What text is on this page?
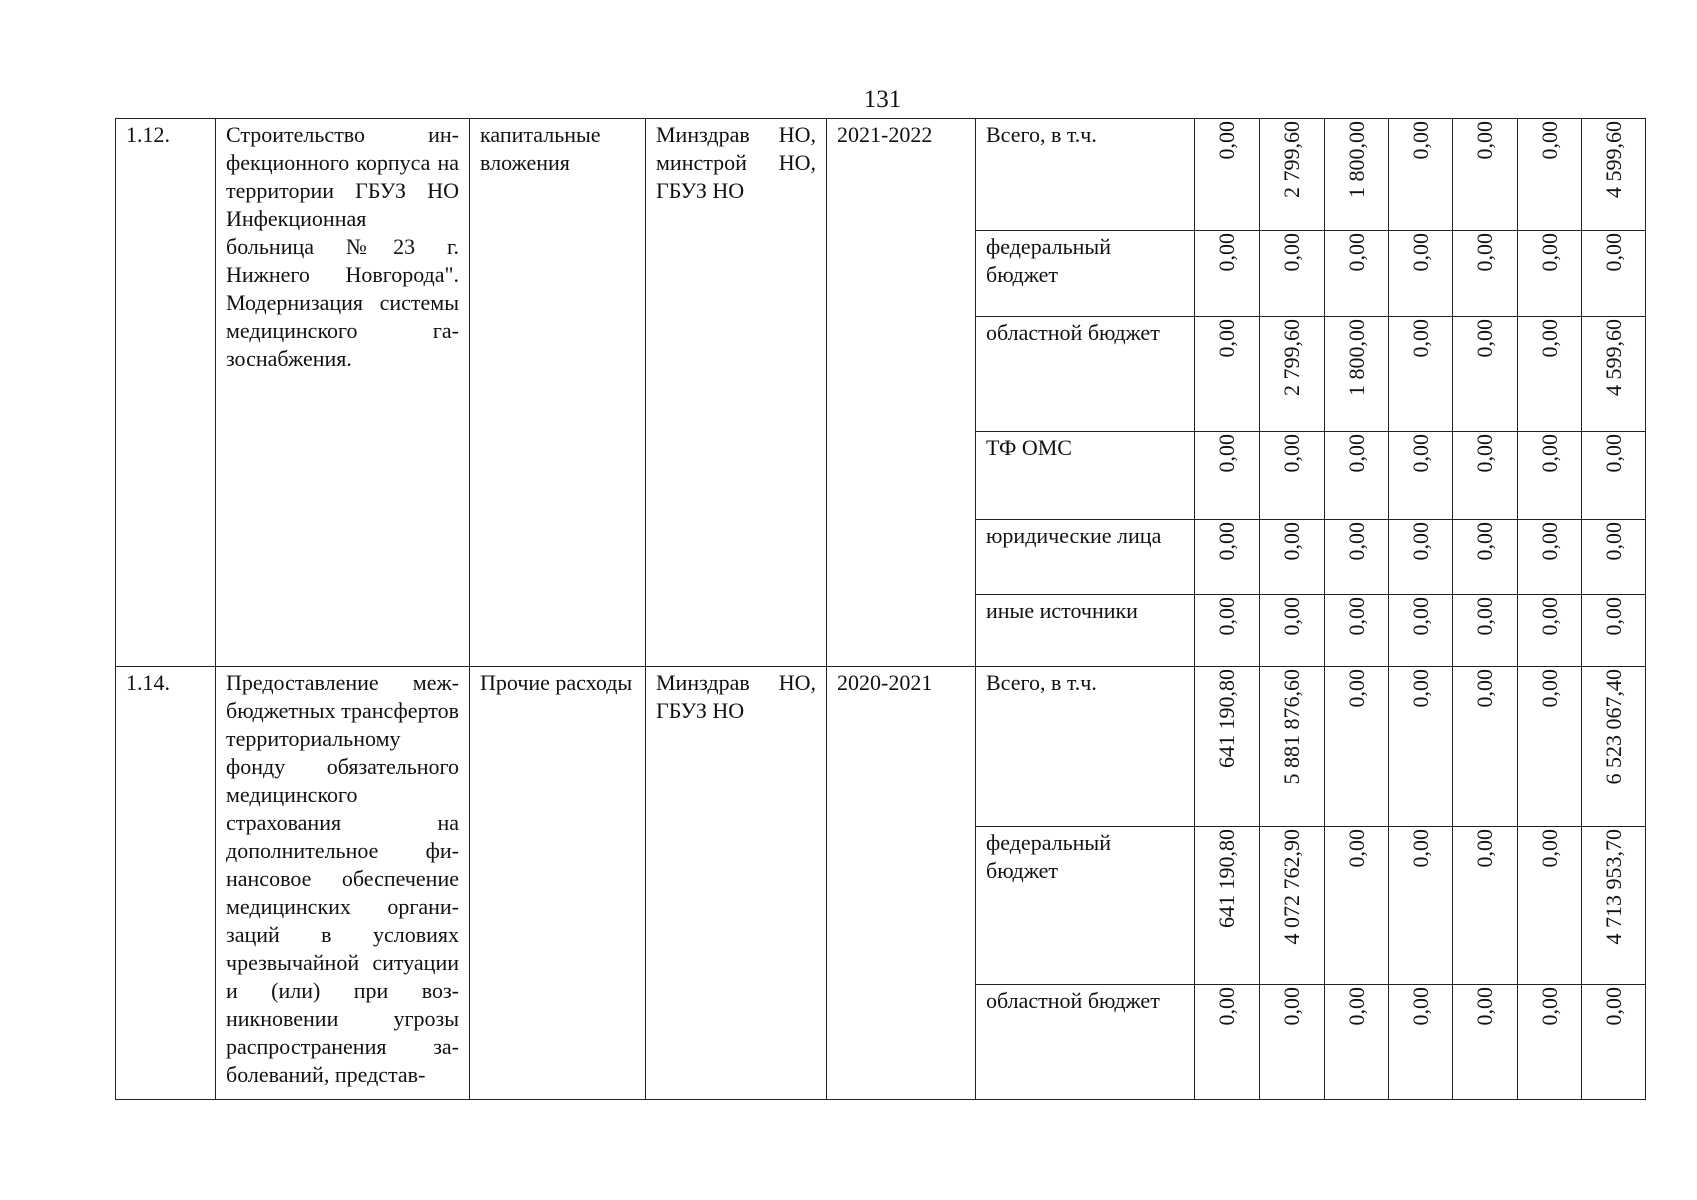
131
1.12.	Строительство инфекционного корпуса на территории ГБУЗ НО Инфекционная больница №23 г. Нижнего Новгорода". Модернизация системы медицинского газоснабжения.	капитальные вложения	Минздрав НО, минстрой НО, ГБУЗ НО	2021-2022	Всего, в т.ч.	0,00	2 799,60	1 800,00	0,00	0,00	0,00	4 599,60
					федеральный бюджет	0,00	0,00	0,00	0,00	0,00	0,00	0,00
					областной бюджет	0,00	2 799,60	1 800,00	0,00	0,00	0,00	4 599,60
					ТФ ОМС	0,00	0,00	0,00	0,00	0,00	0,00	0,00
					юридические лица	0,00	0,00	0,00	0,00	0,00	0,00	0,00
					иные источники	0,00	0,00	0,00	0,00	0,00	0,00	0,00
1.14.	Предоставление межбюджетных трансфертов территориальному фонду обязательного медицинского страхования на дополнительное финансовое обеспечение медицинских организаций в условиях чрезвычайной ситуации и (или) при возникновении угрозы распространения заболеваний, представ-	Прочие расходы	Минздрав НО, ГБУЗ НО	2020-2021	Всего, в т.ч.	641 190,80	5 881 876,60	0,00	0,00	0,00	0,00	6 523 067,40
					федеральный бюджет	641 190,80	4 072 762,90	0,00	0,00	0,00	0,00	4 713 953,70
					областной бюджет	0,00	0,00	0,00	0,00	0,00	0,00	0,00
